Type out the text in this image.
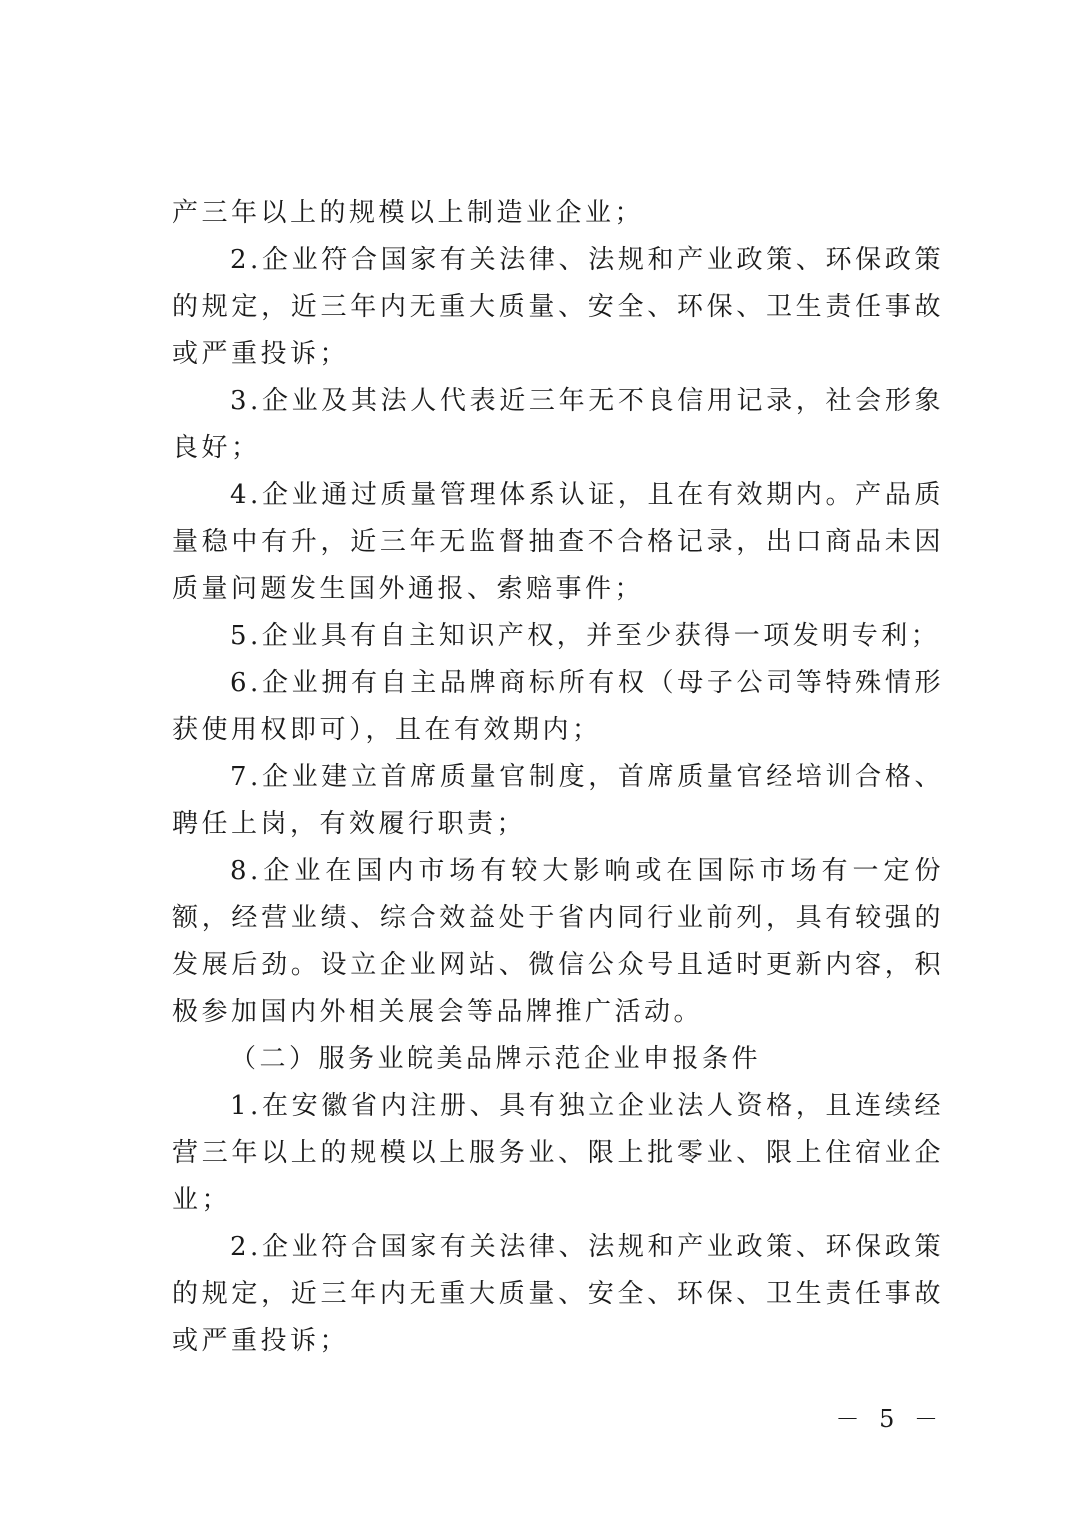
产三年以上的规模以上制造业企业；

2.企业符合国家有关法律、法规和产业政策、环保政策的规定，近三年内无重大质量、安全、环保、卫生责任事故或严重投诉；

3.企业及其法人代表近三年无不良信用记录，社会形象良好；

4.企业通过质量管理体系认证，且在有效期内。产品质量稳中有升，近三年无监督抽查不合格记录，出口商品未因质量问题发生国外通报、索赔事件；

5.企业具有自主知识产权，并至少获得一项发明专利；

6.企业拥有自主品牌商标所有权（母子公司等特殊情形获使用权即可），且在有效期内；

7.企业建立首席质量官制度，首席质量官经培训合格、聘任上岗，有效履行职责；

8.企业在国内市场有较大影响或在国际市场有一定份额，经营业绩、综合效益处于省内同行业前列，具有较强的发展后劲。设立企业网站、微信公众号且适时更新内容，积极参加国内外相关展会等品牌推广活动。

（二）服务业皖美品牌示范企业申报条件

1.在安徽省内注册、具有独立企业法人资格，且连续经营三年以上的规模以上服务业、限上批零业、限上住宿业企业；

2.企业符合国家有关法律、法规和产业政策、环保政策的规定，近三年内无重大质量、安全、环保、卫生责任事故或严重投诉；

－ 5 －
